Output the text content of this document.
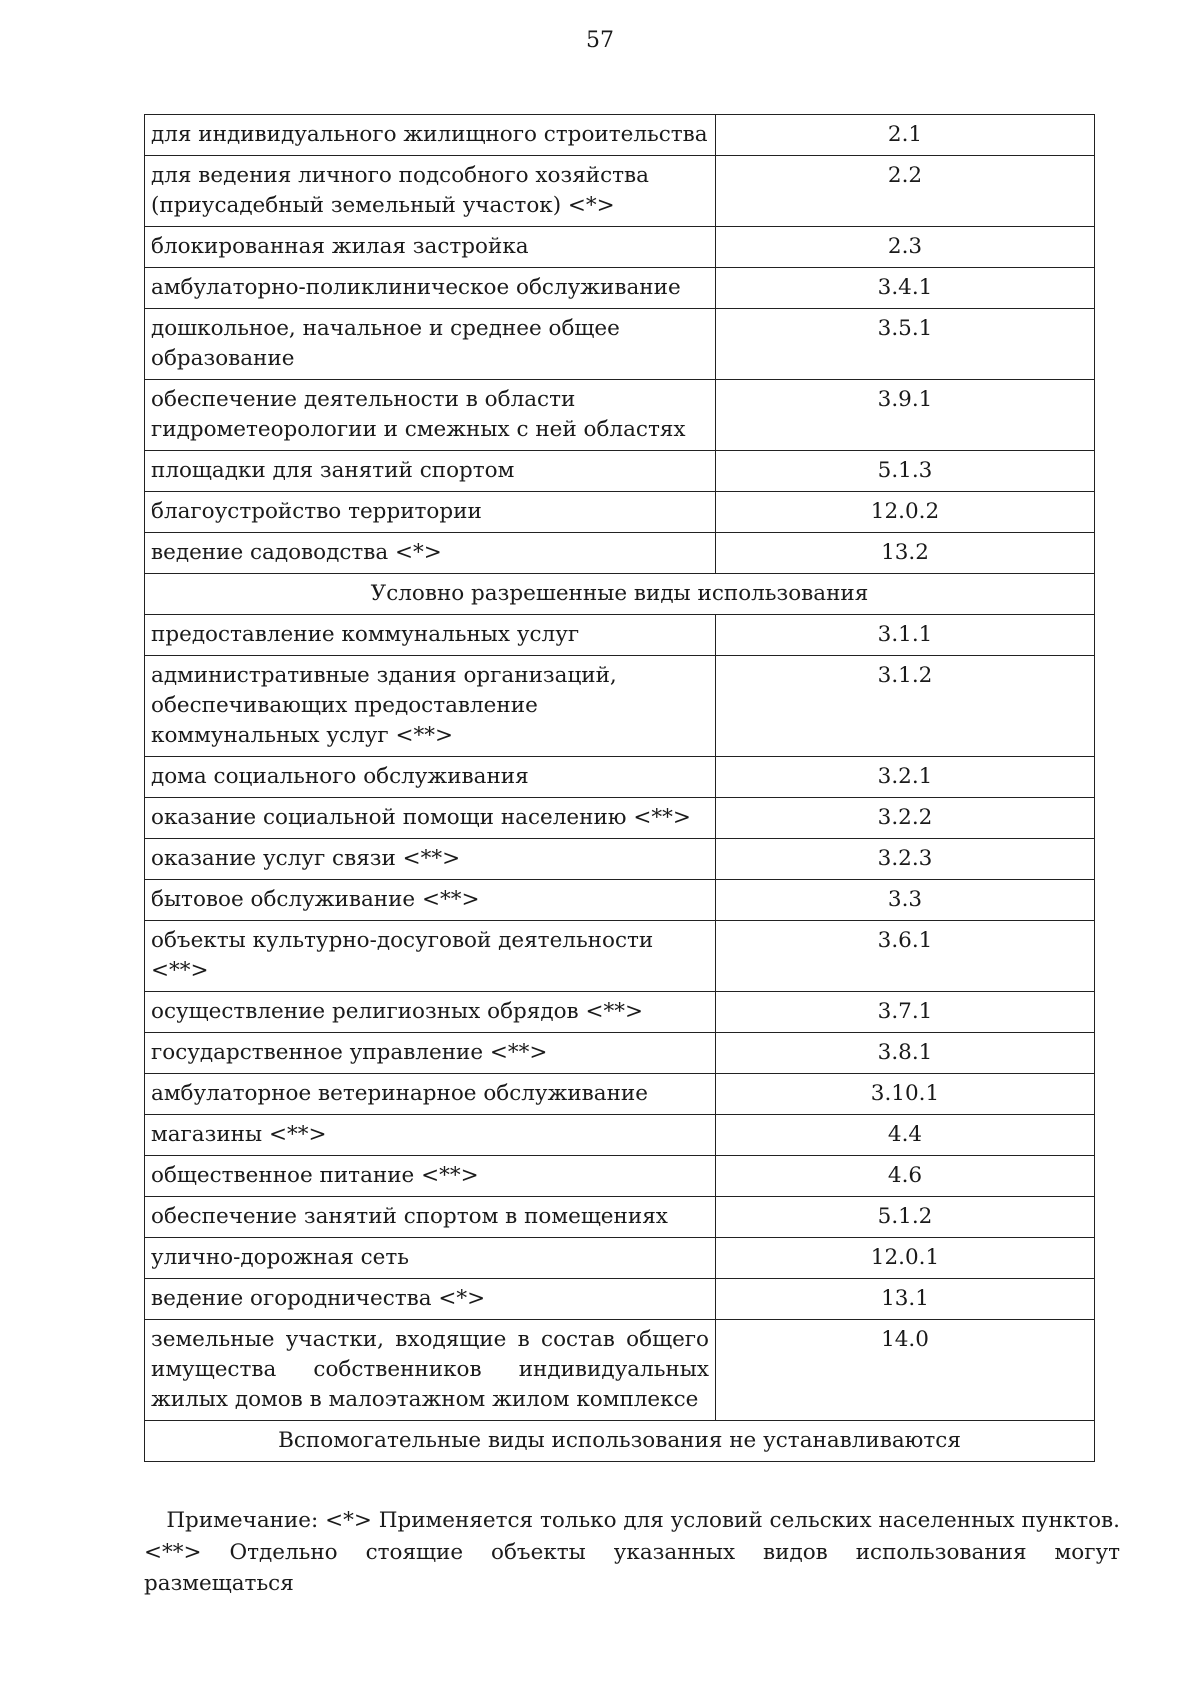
57
для индивидуального жилищного строительства	2.1
для ведения личного подсобного хозяйства (приусадебный земельный участок) <*>	2.2
блокированная жилая застройка	2.3
амбулаторно-поликлиническое обслуживание	3.4.1
дошкольное, начальное и среднее общее образование	3.5.1
обеспечение деятельности в области гидрометеорологии и смежных с ней областях	3.9.1
площадки для занятий спортом	5.1.3
благоустройство территории	12.0.2
ведение садоводства <*>	13.2
Условно разрешенные виды использования	
предоставление коммунальных услуг	3.1.1
административные здания организаций, обеспечивающих предоставление коммунальных услуг <**>	3.1.2
дома социального обслуживания	3.2.1
оказание социальной помощи населению <**>	3.2.2
оказание услуг связи <**>	3.2.3
бытовое обслуживание <**>	3.3
объекты культурно-досуговой деятельности <**>	3.6.1
осуществление религиозных обрядов <**>	3.7.1
государственное управление <**>	3.8.1
амбулаторное ветеринарное обслуживание	3.10.1
магазины <**>	4.4
общественное питание <**>	4.6
обеспечение занятий спортом в помещениях	5.1.2
улично-дорожная сеть	12.0.1
ведение огородничества <*>	13.1
земельные участки, входящие в состав общего имущества собственников индивидуальных жилых домов в малоэтажном жилом комплексе	14.0
Вспомогательные виды использования не устанавливаются	
Примечание: <*> Применяется только для условий сельских населенных пунктов.
<**> Отдельно стоящие объекты указанных видов использования могут размещаться
